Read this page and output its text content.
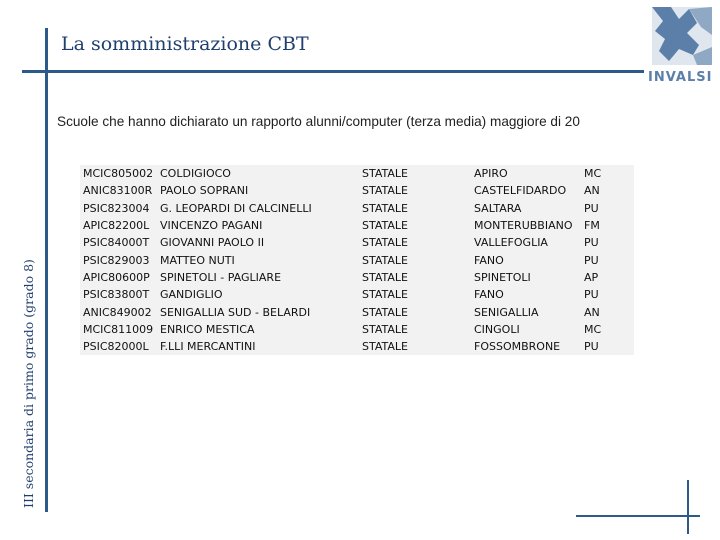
La somministrazione CBT
INVALSI
Scuole che hanno dichiarato un rapporto alunni/computer (terza media) maggiore di 20
III secondaria di primo grado (grado 8)
MCIC805002	COLDIGIOCO	STATALE	APIRO	MC
ANIC83100R	PAOLO SOPRANI	STATALE	CASTELFIDARDO	AN
PSIC823004	G. LEOPARDI DI CALCINELLI	STATALE	SALTARA	PU
APIC82200L	VINCENZO PAGANI	STATALE	MONTERUBBIANO	FM
PSIC84000T	GIOVANNI PAOLO II	STATALE	VALLEFOGLIA	PU
PSIC829003	MATTEO NUTI	STATALE	FANO	PU
APIC80600P	SPINETOLI - PAGLIARE	STATALE	SPINETOLI	AP
PSIC83800T	GANDIGLIO	STATALE	FANO	PU
ANIC849002	SENIGALLIA SUD - BELARDI	STATALE	SENIGALLIA	AN
MCIC811009	ENRICO MESTICA	STATALE	CINGOLI	MC
PSIC82000L	F.LLI MERCANTINI	STATALE	FOSSOMBRONE	PU
